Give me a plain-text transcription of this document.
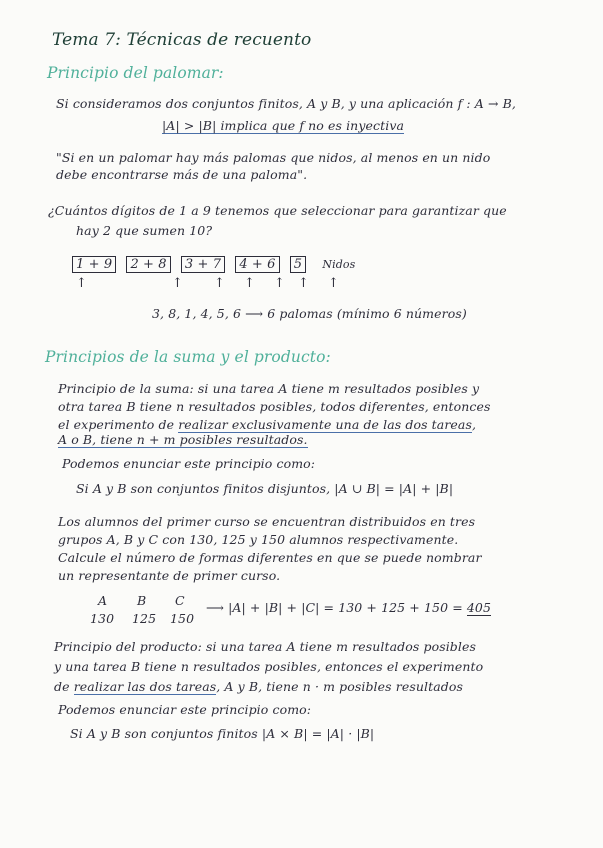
Tema 7: Técnicas de recuento
Principio del palomar:
Si consideramos dos conjuntos finitos, A y B, y una aplicación f : A → B,
|A| > |B| implica que f no es inyectiva
"Si en un palomar hay más palomas que nidos, al menos en un nido
debe encontrarse más de una paloma".
¿Cuántos dígitos de 1 a 9 tenemos que seleccionar para garantizar que
hay 2 que sumen 10?
1 + 9 2 + 8 3 + 7 4 + 6 5 Nidos
↑	↑ ↑ ↑ ↑ ↑ ↑
3, 8, 1, 4, 5, 6 ⟶ 6 palomas (mínimo 6 números)
Principios de la suma y el producto:
Principio de la suma: si una tarea A tiene m resultados posibles y
otra tarea B tiene n resultados posibles, todos diferentes, entonces
el experimento de realizar exclusivamente una de las dos tareas,
A o B, tiene n + m posibles resultados.
Podemos enunciar este principio como:
Si A y B son conjuntos finitos disjuntos, |A ∪ B| = |A| + |B|
Los alumnos del primer curso se encuentran distribuidos en tres
grupos A, B y C con 130, 125 y 150 alumnos respectivamente.
Calcule el número de formas diferentes en que se puede nombrar
un representante de primer curso.
A B C
130 125 150
⟶ |A| + |B| + |C| = 130 + 125 + 150 = 405
Principio del producto: si una tarea A tiene m resultados posibles
y una tarea B tiene n resultados posibles, entonces el experimento
de realizar las dos tareas, A y B, tiene n · m posibles resultados
Podemos enunciar este principio como:
Si A y B son conjuntos finitos |A × B| = |A| · |B|
